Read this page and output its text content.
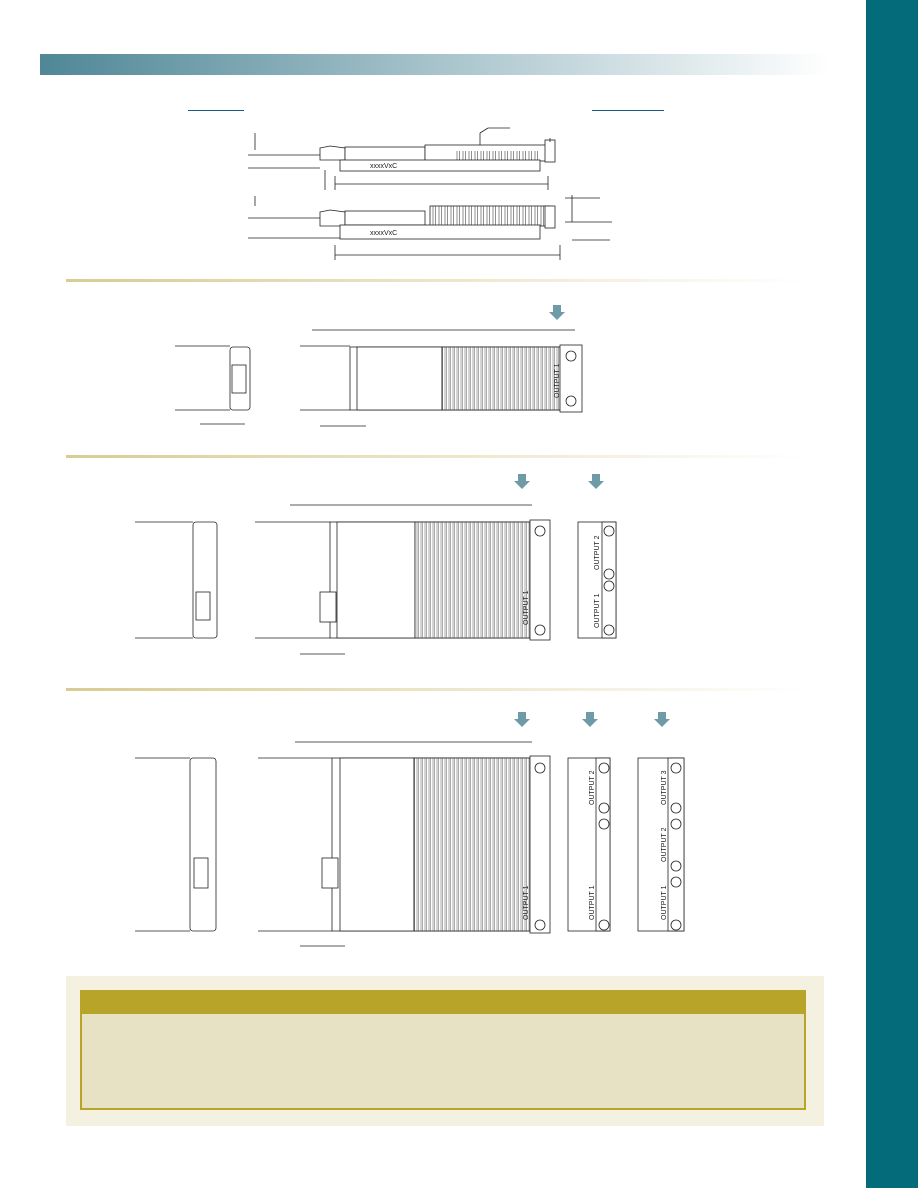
xxxxVxC
xxxxVxC
OUTPUT 1
OUTPUT 1
OUTPUT 2
OUTPUT 1
OUTPUT 1
OUTPUT 2
OUTPUT 1
OUTPUT 3
OUTPUT 2
OUTPUT 1
